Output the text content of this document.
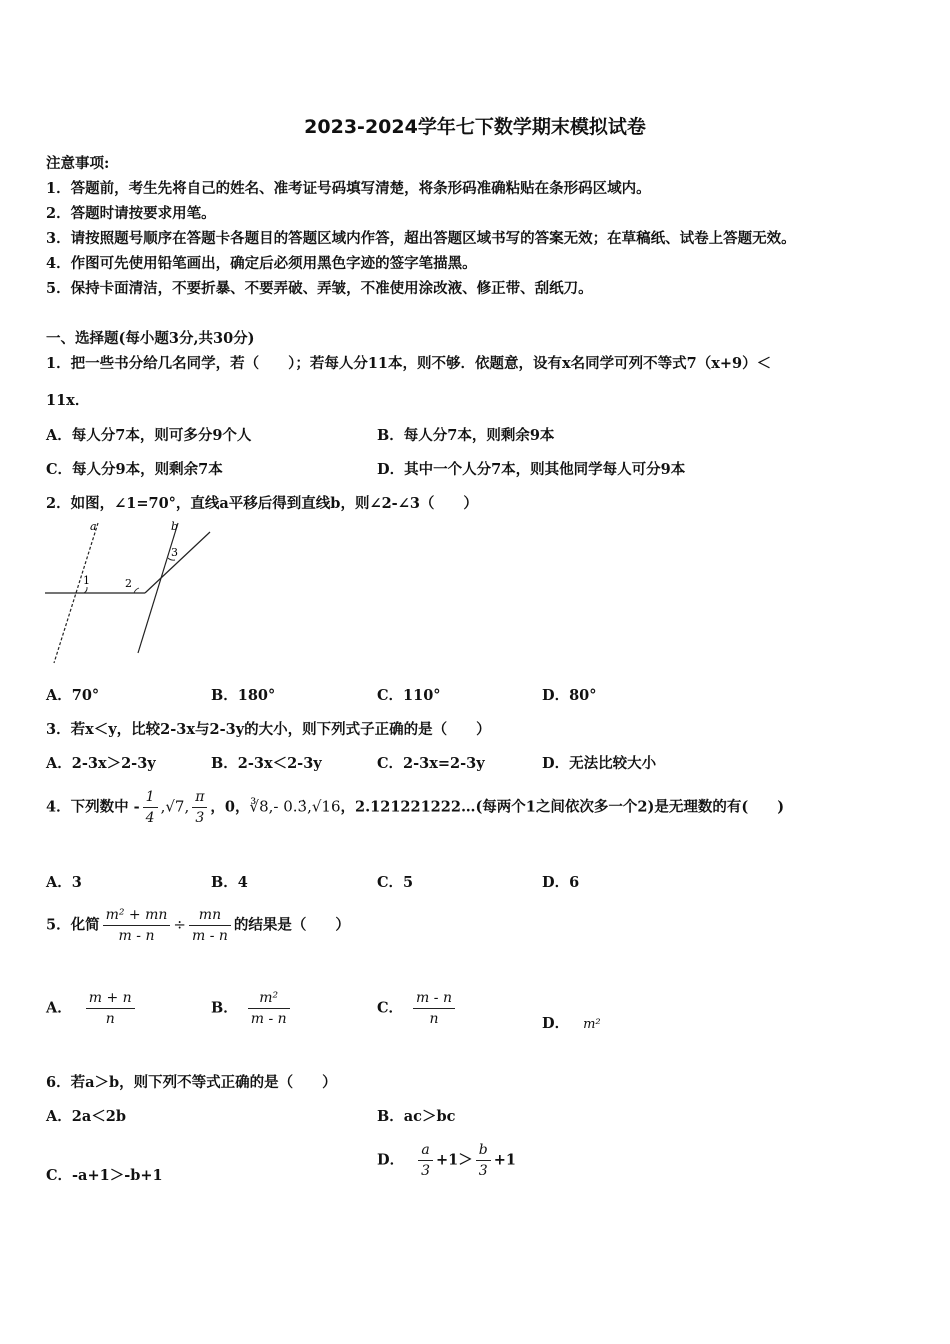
2023-2024学年七下数学期末模拟试卷
注意事项:
1．答题前，考生先将自己的姓名、准考证号码填写清楚，将条形码准确粘贴在条形码区域内。
2．答题时请按要求用笔。
3．请按照题号顺序在答题卡各题目的答题区域内作答，超出答题区域书写的答案无效；在草稿纸、试卷上答题无效。
4．作图可先使用铅笔画出，确定后必须用黑色字迹的签字笔描黑。
5．保持卡面清洁，不要折暴、不要弄破、弄皱，不准使用涂改液、修正带、刮纸刀。
一、选择题(每小题3分,共30分)
1．把一些书分给几名同学，若（　　）；若每人分11本，则不够．依题意，设有x名同学可列不等式7（x+9）＜
11x．
A．每人分7本，则可多分9个人	B．每人分7本，则剩余9本
C．每人分9本，则剩余7本	D．其中一个人分7本，则其他同学每人可分9本
2．如图，∠1=70°，直线a平移后得到直线b，则∠2-∠3（　　）
a	b
1	2
3
A．70°	B．180°	C．110°	D．80°
3．若x＜y，比较2-3x与2-3y的大小，则下列式子正确的是（　　）
A．2-3x＞2-3y	B．2-3x＜2-3y	C．2-3x=2-3y	D．无法比较大小
4．下列数中 - $\frac{1}{4} ,√7$, $\frac{\pi}{3}$ ，0，∛8,- 0.3̇,√16，2.121221222…(每两个1之间依次多一个2)是无理数的有(　　)
A．3	B．4	C．5	D．6
5．化简 $\frac{\text{m² + mn}}{m - n} \div \frac{mn}{m - n}$ 的结果是（　　）
A． $\frac{m + n}{n}$	B． $\frac{\text{m²}}{m - n}$	C． $\frac{m - n}{n}$	D． m²
6．若a＞b，则下列不等式正确的是（　　）
A．2a＜2b	B．ac＞bc
C．-a+1＞-b+1
D． $\frac{a}{3} +1> \frac{b}{3} +1$
